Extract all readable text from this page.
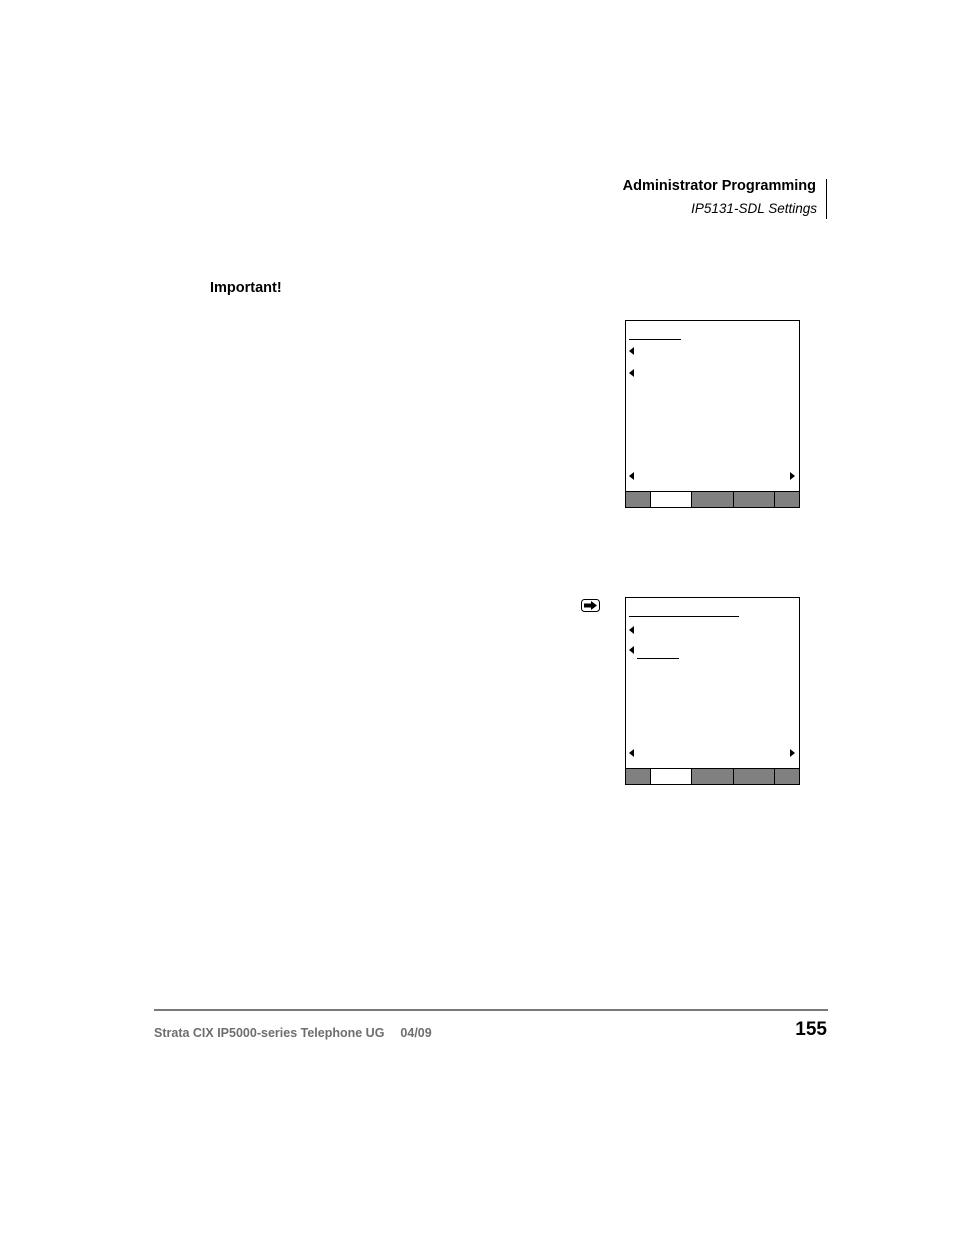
Administrator Programming
IP5131-SDL Settings
Important!
Strata CIX IP5000-series Telephone UG 04/09	155
